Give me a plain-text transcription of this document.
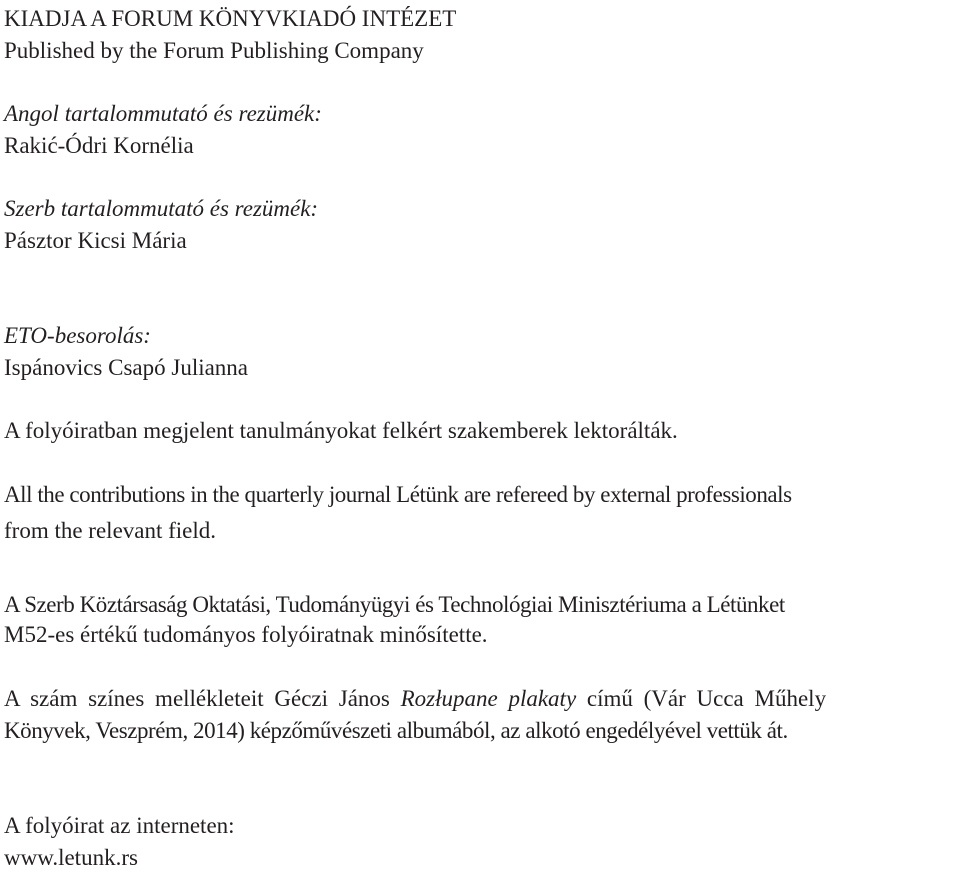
KIADJA A FORUM KÖNYVKIADÓ INTÉZET
Published by the Forum Publishing Company
Angol tartalommutató és rezümék:
Rakić-Ódri Kornélia
Szerb tartalommutató és rezümék:
Pásztor Kicsi Mária
ETO-besorolás:
Ispánovics Csapó Julianna
A folyóiratban megjelent tanulmányokat felkért szakemberek lektorálták.
All the contributions in the quarterly journal Létünk are refereed by external professionals
from the relevant field.
A Szerb Köztársaság Oktatási, Tudományügyi és Technológiai Minisztériuma a Létünket
M52-es értékű tudományos folyóiratnak minősítette.
A szám színes mellékleteit Géczi János Rozłupane plakaty című (Vár Ucca Műhely
Könyvek, Veszprém, 2014) képzőművészeti albumából, az alkotó engedélyével vettük át.
A folyóirat az interneten:
www.letunk.rs
